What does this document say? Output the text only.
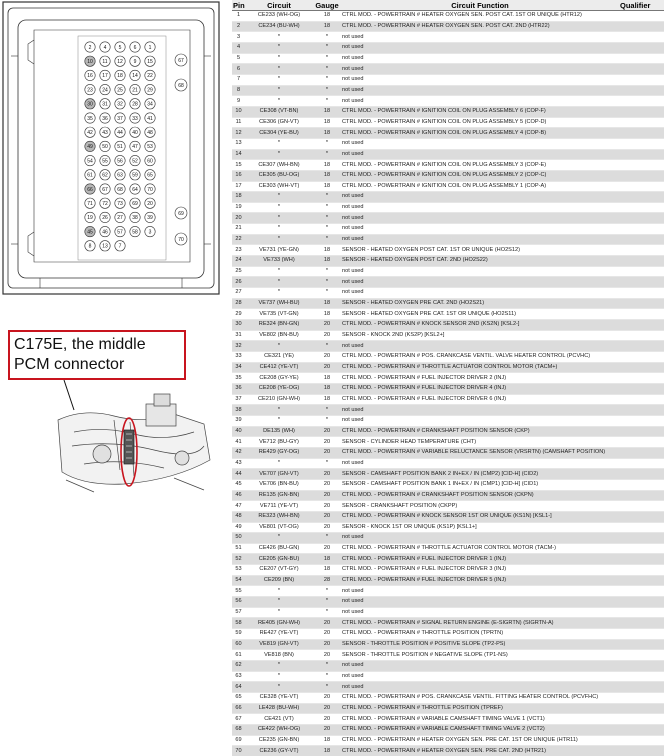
2 4 5 6 1
10 11 12 9 15
16 17 18 14 22
23 24 25 21 29
30 31 32 28 34
35 36 37 33 41
42 43 44 40 48
49 50 51 47 53
54 55 56 52 60
61 62 63 59 65
66 67 68 64 70
71 72 73 69 20
19 26 27 38 39
45 46 57 58 3
8 13 7
67
68
69
70
C175E, the middle
PCM connector
Pin	Circuit	Gauge	Circuit Function	Qualifier
1	CE233 (WH-OG)	18	CTRL MOD. - POWERTRAIN # HEATER OXYGEN SEN. POST CAT. 1ST OR UNIQUE (HTR12)	
2	CE234 (BU-WH)	18	CTRL MOD. - POWERTRAIN # HEATER OXYGEN SEN. POST CAT. 2ND (HTR22)	
3	*	*	not used	
4	*	*	not used	
5	*	*	not used	
6	*	*	not used	
7	*	*	not used	
8	*	*	not used	
9	*	*	not used	
10	CE308 (VT-BN)	18	CTRL MOD. - POWERTRAIN # IGNITION COIL ON PLUG ASSEMBLY 6 (COP-F)	
11	CE306 (GN-VT)	18	CTRL MOD. - POWERTRAIN # IGNITION COIL ON PLUG ASSEMBLY 5 (COP-D)	
12	CE304 (YE-BU)	18	CTRL MOD. - POWERTRAIN # IGNITION COIL ON PLUG ASSEMBLY 4 (COP-B)	
13	*	*	not used	
14	*	*	not used	
15	CE307 (WH-BN)	18	CTRL MOD. - POWERTRAIN # IGNITION COIL ON PLUG ASSEMBLY 3 (COP-E)	
16	CE305 (BU-OG)	18	CTRL MOD. - POWERTRAIN # IGNITION COIL ON PLUG ASSEMBLY 2 (COP-C)	
17	CE303 (WH-VT)	18	CTRL MOD. - POWERTRAIN # IGNITION COIL ON PLUG ASSEMBLY 1 (COP-A)	
18	*	*	not used	
19	*	*	not used	
20	*	*	not used	
21	*	*	not used	
22	*	*	not used	
23	VE731 (YE-GN)	18	SENSOR - HEATED OXYGEN POST CAT. 1ST OR UNIQUE (HO2S12)	
24	VE733 (WH)	18	SENSOR - HEATED OXYGEN POST CAT. 2ND (HO2S22)	
25	*	*	not used	
26	*	*	not used	
27	*	*	not used	
28	VE737 (WH-BU)	18	SENSOR - HEATED OXYGEN PRE CAT. 2ND (HO2S21)	
29	VE735 (VT-GN)	18	SENSOR - HEATED OXYGEN PRE CAT. 1ST OR UNIQUE (HO2S11)	
30	RE324 (BN-GN)	20	CTRL MOD. - POWERTRAIN # KNOCK SENSOR 2ND (KS2N) [KSL2-]	
31	VE802 (BN-BU)	20	SENSOR - KNOCK 2ND (KS2P) [KSL2+]	
32	*	*	not used	
33	CE321 (YE)	20	CTRL MOD. - POWERTRAIN # POS. CRANKCASE VENTIL. VALVE HEATER CONTROL (PCVHC)	
34	CE412 (YE-VT)	20	CTRL MOD. - POWERTRAIN # THROTTLE ACTUATOR CONTROL MOTOR (TACM+)	
35	CE208 (GY-YE)	18	CTRL MOD. - POWERTRAIN # FUEL INJECTOR DRIVER 2 (INJ)	
36	CE208 (YE-OG)	18	CTRL MOD. - POWERTRAIN # FUEL INJECTOR DRIVER 4 (INJ)	
37	CE210 (GN-WH)	18	CTRL MOD. - POWERTRAIN # FUEL INJECTOR DRIVER 6 (INJ)	
38	*	*	not used	
39	*	*	not used	
40	DE135 (WH)	20	CTRL MOD. - POWERTRAIN # CRANKSHAFT POSITION SENSOR (CKP)	
41	VE712 (BU-GY)	20	SENSOR - CYLINDER HEAD TEMPERATURE (CHT)	
42	RE429 (GY-OG)	20	CTRL MOD. - POWERTRAIN # VARIABLE RELUCTANCE SENSOR (VRSRTN) (CAMSHAFT POSITION)	
43	*	*	not used	
44	VE707 (GN-VT)	20	SENSOR - CAMSHAFT POSITION BANK 2 IN+EX / IN (CMP2) [CID-H] (CID2)	
45	VE706 (BN-BU)	20	SENSOR - CAMSHAFT POSITION BANK 1 IN+EX / IN (CMP1) [CID-H] (CID1)	
46	RE135 (GN-BN)	20	CTRL MOD. - POWERTRAIN # CRANKSHAFT POSITION SENSOR (CKPN)	
47	VE711 (YE-VT)	20	SENSOR - CRANKSHAFT POSITION (CKPP)	
48	RE323 (WH-BN)	20	CTRL MOD. - POWERTRAIN # KNOCK SENSOR 1ST OR UNIQUE (KS1N) [KSL1-]	
49	VE801 (VT-OG)	20	SENSOR - KNOCK 1ST OR UNIQUE (KS1P) [KSL1+]	
50	*	*	not used	
51	CE426 (BU-GN)	20	CTRL MOD. - POWERTRAIN # THROTTLE ACTUATOR CONTROL MOTOR (TACM-)	
52	CE205 (GN-BU)	18	CTRL MOD. - POWERTRAIN # FUEL INJECTOR DRIVER 1 (INJ)	
53	CE207 (VT-GY)	18	CTRL MOD. - POWERTRAIN # FUEL INJECTOR DRIVER 3 (INJ)	
54	CE209 (BN)	28	CTRL MOD. - POWERTRAIN # FUEL INJECTOR DRIVER 5 (INJ)	
55	*	*	not used	
56	*	*	not used	
57	*	*	not used	
58	RE405 (GN-WH)	20	CTRL MOD. - POWERTRAIN # SIGNAL RETURN ENGINE (E-SIGRTN) (SIGRTN-A)	
59	RE427 (YE-VT)	20	CTRL MOD. - POWERTRAIN # THROTTLE POSITION (TPRTN)	
60	VE819 (GN-VT)	20	SENSOR - THROTTLE POSITION # POSITIVE SLOPE (TP2-PS)	
61	VE818 (BN)	20	SENSOR - THROTTLE POSITION # NEGATIVE SLOPE (TP1-NS)	
62	*	*	not used	
63	*	*	not used	
64	*	*	not used	
65	CE328 (YE-VT)	20	CTRL MOD. - POWERTRAIN # POS. CRANKCASE VENTIL. FITTING HEATER CONTROL (PCVFHC)	
66	LE428 (BU-WH)	20	CTRL MOD. - POWERTRAIN # THROTTLE POSITION (TPREF)	
67	CE421 (VT)	20	CTRL MOD. - POWERTRAIN # VARIABLE CAMSHAFT TIMING VALVE 1 (VCT1)	
68	CE422 (WH-OG)	20	CTRL MOD. - POWERTRAIN # VARIABLE CAMSHAFT TIMING VALVE 2 (VCT2)	
69	CE235 (GN-BN)	18	CTRL MOD. - POWERTRAIN # HEATER OXYGEN SEN. PRE CAT. 1ST OR UNIQUE (HTR11)	
70	CE236 (GY-VT)	18	CTRL MOD. - POWERTRAIN # HEATER OXYGEN SEN. PRE CAT. 2ND (HTR21)	
